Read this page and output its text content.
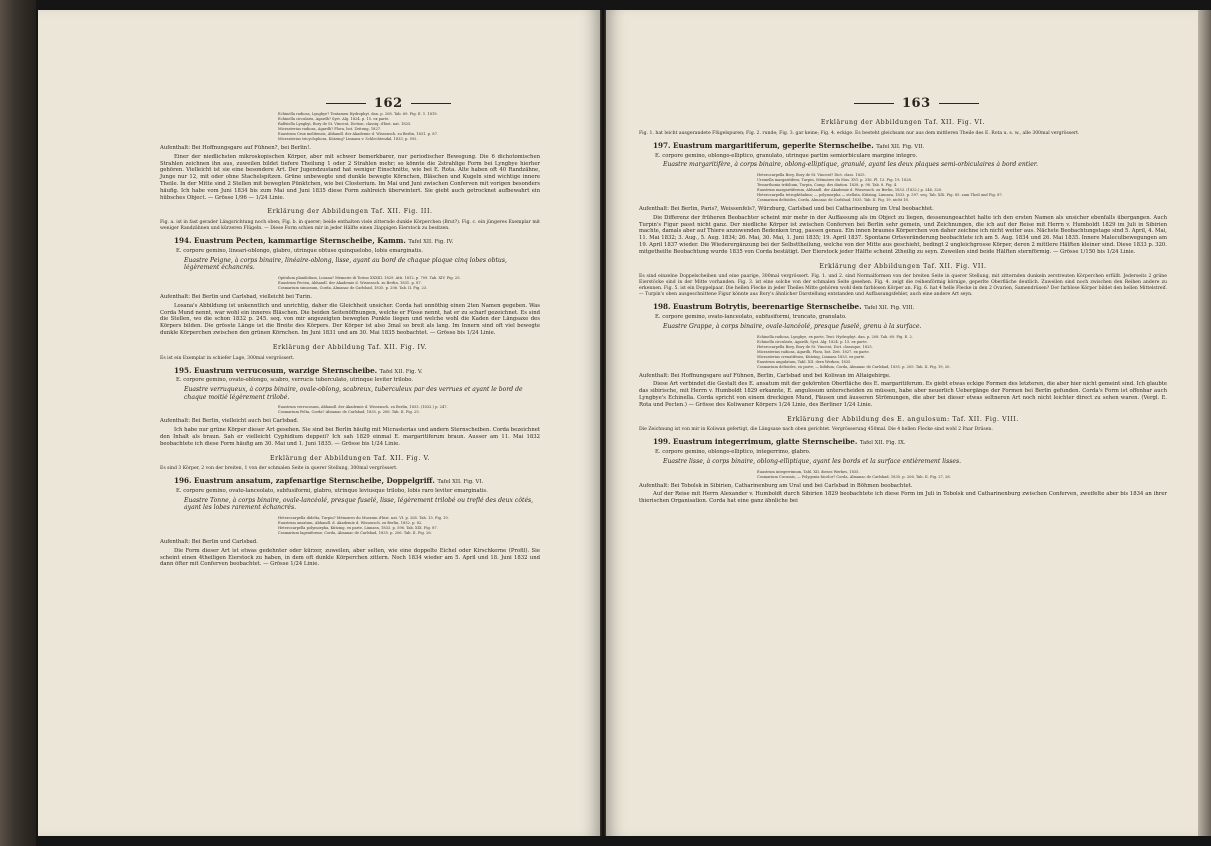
162
Echinella radiosa, Lyngbye? Tentamen Hydrophyt. dan. p. 208. Tab. 69. Fig. E. 1. 1819.
Echinella circularis, Agardh? Syst. Alg. 1824. p. 15. ex parte.
Ralfsiella Lyngbyi, Bory de St. Vincent, Diction. classiq. d'hist. nat. 1825.
Micrasterias radiosa, Agardh? Flora, bot. Zeitung, 1827.
Euastrum Crux melitensis, Abhandl. der Akademie d. Wissensch. zu Berlin, 1831. p. 87.
Micrasterias tricyclophora, Kützing? Linnaea v. Schlechtendal, 1833, p. 592.
Aufenthalt: Bei Hoffnungsgare auf Fühnen?, bei Berlin!.
Einer der niedlichsten mikroskopischen Körper, aber mit schwer bemerkbarer, nur periodischer Bewegung. Die 6 dichotomischen Strahlen zeichnen ihn aus, zuweilen bildet tiefere Theilung 1 oder 2 Strahlen mehr; so könnte die 2strahlige Form bei Lyngbye hierher gehören. Vielleicht ist sie eine besondere Art. Der Jugendzustand hat weniger Einschnitte, wie bei E. Rota. Alte haben oft 40 Randzähne, Junge nur 12, mit oder ohne Stachelspitzen. Grüne unbewegte und dunkle bewegte Körnchen, Bläschen und Kugeln sind wichtige innere Theile. In der Mitte sind 2 Stellen mit bewegten Pünktchen, wie bei Closterium. Im Mai und Juni zwischen Conferven mit vorigen besonders häufig. Ich habe vom Juni 1834 bis zum Mai und Juni 1835 diese Form zahlreich überwintert. Sie giebt auch getrocknet aufbewahrt ein hübsches Object. — Grösse 1/96 — 1/24 Linie.
Erklärung der Abbildungen Taf. XII. Fig. III.
Fig. a. ist in fast gerader Längsrichtung noch oben; Fig. b. in querer; beide enthalten viele zitternde dunkle Körperchen (Brut?). Fig. c. ein jüngeres Exemplar mit weniger Randzähnen und kürzeren Flügeln. — Diese Form schien mir in jeder Hälfte einen 2lappigen Eierstock zu besitzen.
194. Euastrum Pecten, kammartige Sternscheibe, Kamm. Tafel XII. Fig. IV.
E. corpore gemino, lineari-oblongo, glabro, utrinque obtuse quinquelobo, lobis emarginatis.
Euastre Peigne, à corps binaire, linéaire-oblong, lisse, ayant au bord de chaque plaque cinq lobes obtus, légèrement échancrés.
Opitulum planifolium, Losana? Memorie di Torino XXXIII. 1829. Atti. 1812. p. 709. Tab. XIV. Fig. 25.
Euastrum Pecten, Abhandl. der Akademie d. Wissensch. zu Berlin, 1831. p. 87.
Cosmarium sinuosum, Corda, Almanac de Carlsbad, 1835. p. 206. Tab. II. Fig. 23.
Aufenthalt: Bei Berlin und Carlsbad, vielleicht bei Turin.
Losana's Abbildung ist unkenntlich und unrichtig, daher die Gleichheit unsicher. Corda hat unnöthig einen 2ten Namen gegeben. Was Corda Mund nennt, war wohl ein inneres Bläschen. Die beiden Seitenöffnungen, welche er Füsse nennt, hat er zu scharf gezeichnet. Es sind die Stellen, wo die schon 1832 p. 245. seq. von mir angezeigten bewegten Punkte liegen und welche wohl die Kaden der Längsaxe des Körpers bilden. Die grösste Länge ist die Breite des Körpers. Der Körper ist also 3mal so breit als lang. Im Innern sind oft viel bewegte dunkle Körperchen zwischen den grünen Körnchen. Im Juni 1831 und am 30. Mai 1835 beobachtet. — Grösse bis 1/24 Linie.
Erklärung der Abbildung Taf. XII. Fig. IV.
Es ist ein Exemplar in schiefer Lage, 300mal vergrössert.
195. Euastrum verrucosum, warzige Sternscheibe. Tafel XII. Fig. V.
E. corpore gemino, ovato-oblongo, scabro, verrucis tuberculato, utrinque leviter trilobo.
Euastre verruqueux, à corps binaire, ovale-oblong, scabreux, tuberculeux par des verrues et ayant le bord de chaque moitié légèrement trilobé.
Euastrum verrucosum, Abhandl. der Akademie d. Wissensch. zu Berlin, 1833. (1832.) p. 247.
Cosmarium Pelta, Corda? Almanac de Carlsbad, 1835. p. 206. Tab. II. Fig. 25.
Aufenthalt: Bei Berlin, vielleicht auch bei Carlsbad.
Ich habe nur grüne Körper dieser Art gesehen. Sie sind bei Berlin häufig mit Micrasterias und andern Sternscheiben. Corda bezeichnet den Inhalt als braun. Sah er vielleicht Cyphidium deppeii? Ich sah 1829 einmal E. margaritiferum braun. Ausser am 11. Mai 1832 beobachtete ich diese Form häufig am 30. Mai und 1. Juni 1835. — Grösse bis 1/24 Linie.
Erklärung der Abbildungen Taf. XII. Fig. V.
Es sind 3 Körper, 2 von der breiten, 1 von der schmalen Seite in querer Stellung, 300mal vergrössert.
196. Euastrum ansatum, zapfenartige Sternscheibe, Doppelgriff. Tafel XII. Fig. VI.
E. corpore gemino, ovato-lanceolato, subfusiformi, glabro, utrinque leviusque trilobo, lobis raro leviter emarginatis.
Euastre Tonne, à corps binaire, ovale-lancéolé, presque fuselé, lisse, légèrement trilobé ou treflé des deux côtés, ayant les lobes rarement échancrés.
Heterocarpella didelta, Turpin? Mémoires du Museum d'hist. nat. VI. p. 265. Tab. 13. Fig. 10.
Euastrum ansatum, Abhandl. d. Akademie d. Wissensch. zu Berlin, 1832. p. 82.
Heterocarpella polymorpha, Kützing, ex parte, Linnaea, 1833. p. 596. Tab. XIX. Fig. 87.
Cosmarium lageniforme, Corda, Almanac de Carlsbad, 1835. p. 206. Tab. II. Fig. 26.
Aufenthalt: Bei Berlin und Carlsbad.
Die Form dieser Art ist etwas gedehnter oder kürzer, zuweilen, aber selten, wie eine doppelte Eichel oder Kirschkerne (Profil). Sie scheint einen 4theiligen Eierstock zu haben, in dem oft dunkle Körperchen zittern. Noch 1834 wieder am 5. April und 18. Juni 1832 und dann öfter mit Conferven beobachtet. — Grösse 1/24 Linie.
163
Erklärung der Abbildungen Taf. XII. Fig. VI.
Fig. 1. hat leicht ausgerandete Flügelspuren; Fig. 2. runde; Fig. 3. gar keine; Fig. 4. eckige. Es besteht gleichsam nur aus dem mittleren Theile des E. Rota u. s. w., alle 300mal vergrössert.
197. Euastrum margaritiferum, geperlte Sternscheibe. Tafel XII. Fig. VII.
E. corpore gemino, oblongo-elliptico, granulato, utrinque partim semiorbiculare margine integro.
Euastre margaritifère, à corps binaire, oblong-elliptique, granulé, ayant les deux plaques semi-orbiculaires à bord entier.
Heterocarpella Bory, Bory de St. Vincent? Dict. class. 1825.
Ursinella margaritifera, Turpin, Mémoires du Mus. XVI. p. 316. Pl. 13. Fig. 19. 1828.
Tessarthonia trifolium, Turpin, Comp. des diation. 1828. p. 98. Tab. 8. Fig. 4.
Euastrum margaritiferum, Abhandl. der Akademie d. Wissensch. zu Berlin, 1833. (1832.) p. 246, 320.
Heterocarpella tetrophthalma; — polymorpha — stellata, Kützing, Linnaea, 1833. p. 597. seq. Tab. XIX. Fig. 85. zum Theil und Fig. 87.
Cosmarium deltoides, Corda, Almanac de Carlsbad, 1835. Tab. II. Fig. 19. nicht 18.
Aufenthalt: Bei Berlin, Paris?, Weissenfels?, Würzburg, Carlsbad und bei Catharinenburg im Ural beobachtet.
Die Differenz der früheren Beobachter scheint mir mehr in der Auffassung als im Object zu liegen, dessenungeachtet halte ich den ersten Namen als unsicher ebenfalls übergangen. Auch Turpin's Figur passt nicht ganz. Der niedliche Körper ist zwischen Conferven bei Berlin sehr gemein, und Zeichnungen, die ich auf der Reise mit Herrn v. Humboldt 1829 im Juli in Sibirien machte, damals aber auf Thiere anzuwenden Bedenken trug, passen genau. Ein innen braunes Körperchen von daher zeichne ich nicht weiter aus. Nächste Beobachtungstage sind 5. April, 4. Mai, 11. Mai 1832; 3. Aug., 5. Aug. 1834; 26. Mai, 30. Mai, 1. Juni 1835; 19. April 1837. Spontane Ortsveränderung beobachtete ich am 5. Aug. 1834 und 26. Mai 1835. Innere Maleculbewegungen am 19. April 1837 wieder. Die Wiederergänzung bei der Selbsttheilung, welche von der Mitte aus geschieht, bedingt 2 ungleichgrosse Körper, deren 2 mittlere Hälften kleiner sind. Diese 1833 p. 320. mitgetheilte Beobachtung wurde 1835 von Corda bestätigt. Der Eierstock jeder Hälfte scheint 2theilig zu seyn. Zuweilen sind beide Hälften sternförmig. — Grösse 1/150 bis 1/24 Linie.
Erklärung der Abbildungen Taf. XII. Fig. VII.
Es sind einzelne Doppelscheiben und eine paarige, 300mal vergrössert. Fig. 1. und 2. sind Normalformen von der breiten Seite in querer Stellung, mit zitternden dunkeln zerstreuten Körperchen erfüllt. Jederseits 2 grüne Eierstöcke sind in der Mitte vorhanden. Fig. 3. ist eine solche von der schmalen Seite gesehen. Fig. 4. zeigt die reihenförmig körnige, geperlte Oberfläche deutlich. Zuweilen sind noch zwischen den Reihen andere zu erkennen. Fig. 5. ist ein Doppelpaar. Die hellen Flecke in jeder Theiles Mitte gehören wohl dem farblosen Körper an. Fig. 6. hat 4 helle Flecke in den 2 Ovarien, Samendrüsen? Der farblose Körper bildet den hellen Mittelstreif. — Turpin's oben ausgeschnittene Figur könnte aus Bory's ähnlicher Darstellung entstanden und Auffassungsfehler, auch eine andere Art seyn.
198. Euastrum Botrytis, beerenartige Sternscheibe. Tafel XII. Fig. VIII.
E. corpore gemino, ovato-lanceolato, subfusiformi, truncato, granulato.
Euastre Grappe, à corps binaire, ovale-lancéolé, presque fuselé, grenu à la surface.
Echinella radiosa, Lyngbye, ex parte, Tent. Hydrophyt. dan. p. 208. Tab. 69. Fig. E. 2.
Echinella circularis, Agardh, Syst. Alg. 1824. p. 15. ex parte.
Heterocarpella Bory, Bory de St. Vincent, Dict. classique, 1825.
Micrasterias radiosa, Agardh, Flora, bot. Zeit. 1827. ex parte.
Micrasterias crenatifrons, Kützing, Linnaea 1833. ex parte.
Euastrum angulatum, Tabl. XII. dern Werken, 1835.
Cosmarium deltoides, ex parte; — bifidum, Corda, Almanac de Carlsbad, 1835. p. 205. Tab. II. Fig. 19, 20.
Aufenthalt: Bei Hoffnungsgare auf Fühnen, Berlin, Carlsbad und bei Koliwan im Altaigebirge.
Diese Art verbindet die Gestalt des E. ansatum mit der gekörnten Oberfläche des E. margaritiferum. Es giebt etwas eckige Formen des letzteren, die aber hier nicht gemeint sind. Ich glaubte das sibirische, mit Herrn v. Humboldt 1829 erkannte, E. angulosum unterscheiden zu müssen, habe aber neuerlich Uebergänge der Formen bei Berlin gefunden. Corda's Form ist offenbar auch Lyngbye's Echinella. Corda spricht von einem dreckigen Mund, Fäusen und äusseren Strömungen, die aber bei dieser etwas seltneren Art noch nicht leichter direct zu sehen waren. (Vergl. E. Rota und Pecten.) — Grösse des Koliwaner Körpers 1/24 Linie, des Berliner 1/24 Linie.
Erklärung der Abbildung des E. angulosum: Taf. XII. Fig. VIII.
Die Zeichnung ist von mir in Koliwan gefertigt, die Längsaxe nach oben gerichtet. Vergrösserung 450mal. Die 4 hellen Flecke sind wohl 2 Paar Drüsen.
199. Euastrum integerrimum, glatte Sternscheibe. Tafel XII. Fig. IX.
E. corpore gemino, oblongo-elliptico, integerrimo, glabro.
Euastre lisse, à corps binaire, oblong-elliptique, ayant les bords et la surface entièrement lisses.
Euastrum integerrimum, Tabl. XII. dieses Werkes, 1835.
Cosmarium Cucumis, — Polygonia bicolor? Corda, Almanac de Carlsbad, 1835. p. 206. Tab. II. Fig. 27, 28.
Aufenthalt: Bei Tobolsk in Sibirien, Catharinenburg am Ural und bei Carlsbad in Böhmen beobachtet.
Auf der Reise mit Herrn Alexander v. Humboldt durch Sibirien 1829 beobachtete ich diese Form im Juli in Tobolsk und Catharinenburg zwischen Conferven, zweifelte aber bis 1834 an ihrer thierischen Organisation. Corda hat eine ganz ähnliche bei
